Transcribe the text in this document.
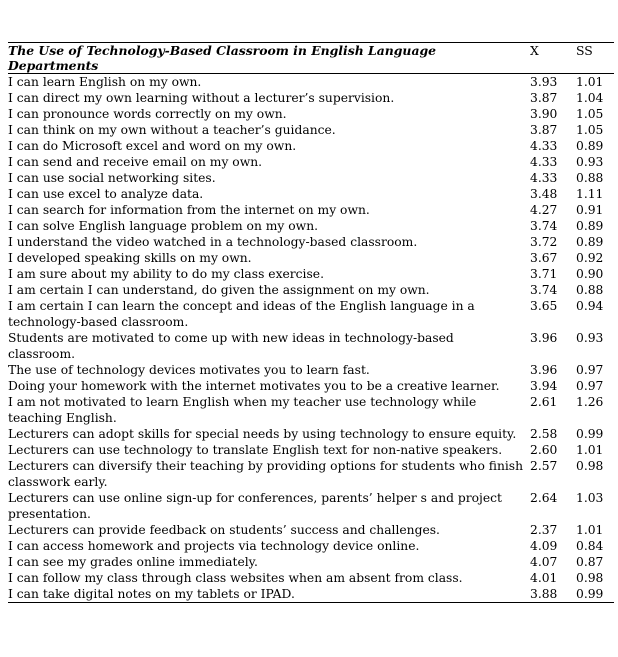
The Use of Technology-Based Classroom in English Language Departments	X	SS
I can learn English on my own.	3.93	1.01
I can direct my own learning without a lecturer’s supervision.	3.87	1.04
I can pronounce words correctly on my own.	3.90	1.05
I can think on my own without a teacher’s guidance.	3.87	1.05
I can do Microsoft excel and word on my own.	4.33	0.89
I can send and receive email on my own.	4.33	0.93
I can use social networking sites.	4.33	0.88
I can use excel to analyze data.	3.48	1.11
I can search for information from the internet on my own.	4.27	0.91
I can solve English language problem on my own.	3.74	0.89
I understand the video watched in a technology-based classroom.	3.72	0.89
I developed speaking skills on my own.	3.67	0.92
I am sure about my ability to do my class exercise.	3.71	0.90
I am certain I can understand, do given the assignment on my own.	3.74	0.88
I am certain I can learn the concept and ideas of the English language in a technology-based classroom.	3.65	0.94
Students are motivated to come up with new ideas in technology-based classroom.	3.96	0.93
The use of technology devices motivates you to learn fast.	3.96	0.97
Doing your homework with the internet motivates you to be a creative learner.	3.94	0.97
I am not motivated to learn English when my teacher use technology while teaching English.	2.61	1.26
Lecturers can adopt skills for special needs by using technology to ensure equity.	2.58	0.99
Lecturers can use technology to translate English text for non-native speakers.	2.60	1.01
Lecturers can diversify their teaching by providing options for students who finish classwork early.	2.57	0.98
Lecturers can use online sign-up for conferences, parents’ helper s and project presentation.	2.64	1.03
Lecturers can provide feedback on students’ success and challenges.	2.37	1.01
I can access homework and projects via technology device online.	4.09	0.84
I can see my grades online immediately.	4.07	0.87
I can follow my class through class websites when am absent from class.	4.01	0.98
I can take digital notes on my tablets or IPAD.	3.88	0.99
